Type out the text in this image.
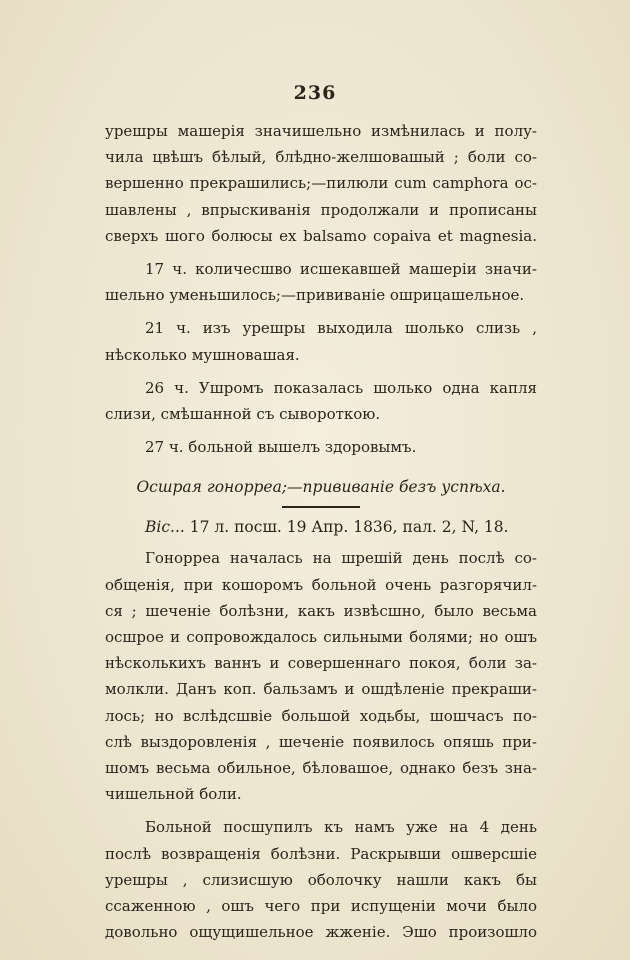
236
урешры машерія значишельно измѣнилась и полу-
чила цвѣшъ бѣлый, блѣдно-желшовашый ; боли со-
вершенно прекрашились;—пилюли cum camphora ос-
шавлены , впрыскиванія продолжали и прописаны
сверхъ шого болюсы ex balsamo copaiva et magnesia.
17 ч. количесшво исшекавшей машеріи значи-
шельно уменьшилось;—прививаніе ошрицашельное.
21 ч. изъ урешры выходила шолько слизь ,
нѣсколько мушновашая.
26 ч. Ушромъ показалась шолько одна капля
слизи, смѣшанной съ сывороткою.
27 ч. больной вышелъ здоровымъ.
Осшрая гонорреа;—прививаніе безъ успѣха.
Віс... 17 л. посш. 19 Апр. 1836, пал. 2, N, 18.
Гонорреа началась на шрешій день послѣ со-
общенія, при кошоромъ больной очень разгорячил-
ся ; шеченіе болѣзни, какъ извѣсшно, было весьма
осшрое и сопровождалось сильными болями; но ошъ
нѣсколькихъ ваннъ и совершеннаго покоя, боли за-
молкли. Данъ коп. бальзамъ и ошдѣленіе прекраши-
лось; но вслѣдсшвіе большой ходьбы, шошчасъ по-
слѣ выздоровленія , шеченіе появилось опяшь при-
шомъ весьма обильное, бѣловашое, однако безъ зна-
чишельной боли.
Больной посшупилъ къ намъ уже на 4 день
послѣ возвращенія болѣзни. Раскрывши ошверсшіе
урешры , слизисшую оболочку нашли какъ бы
ссаженною , ошъ чего при испущеніи мочи было
довольно ощущишельное жженіе. Эшо произошло
